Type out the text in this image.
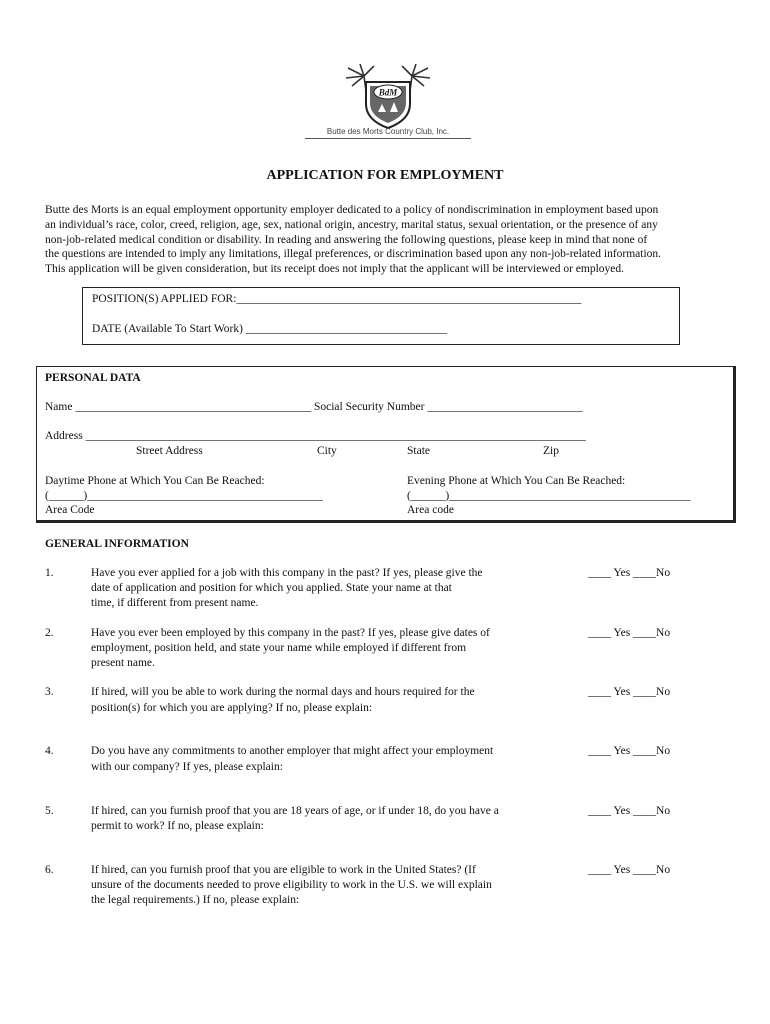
BdM
Butte des Morts Country Club, Inc.
APPLICATION FOR EMPLOYMENT
Butte des Morts is an equal employment opportunity employer dedicated to a policy of nondiscrimination in employment based upon
an individual’s race, color, creed, religion, age, sex, national origin, ancestry, marital status, sexual orientation, or the presence of any
non-job-related medical condition or disability. In reading and answering the following questions, please keep in mind that none of
the questions are intended to imply any limitations, illegal preferences, or discrimination based upon any non-job-related information.
This application will be given consideration, but its receipt does not imply that the applicant will be interviewed or employed.
POSITION(S) APPLIED FOR:____________________________________________________________
DATE (Available To Start Work) ___________________________________
PERSONAL DATA
Name _________________________________________ Social Security Number ___________________________
Address _______________________________________________________________________________________
Street Address	City	State	Zip
Daytime Phone at Which You Can Be Reached:
(______)_________________________________________
Area Code
Evening Phone at Which You Can Be Reached:
(______)__________________________________________
Area code
GENERAL INFORMATION
1.	Have you ever applied for a job with this company in the past? If yes, please give the
date of application and position for which you applied. State your name at that
time, if different from present name.
____ Yes ____No
2.	Have you ever been employed by this company in the past? If yes, please give dates of
employment, position held, and state your name while employed if different from
present name.
____ Yes ____No
3.	If hired, will you be able to work during the normal days and hours required for the
position(s) for which you are applying? If no, please explain:
____ Yes ____No
4.	Do you have any commitments to another employer that might affect your employment
with our company? If yes, please explain:
____ Yes ____No
5.	If hired, can you furnish proof that you are 18 years of age, or if under 18, do you have a
permit to work? If no, please explain:
____ Yes ____No
6.	If hired, can you furnish proof that you are eligible to work in the United States? (If
unsure of the documents needed to prove eligibility to work in the U.S. we will explain
the legal requirements.) If no, please explain:
____ Yes ____No
